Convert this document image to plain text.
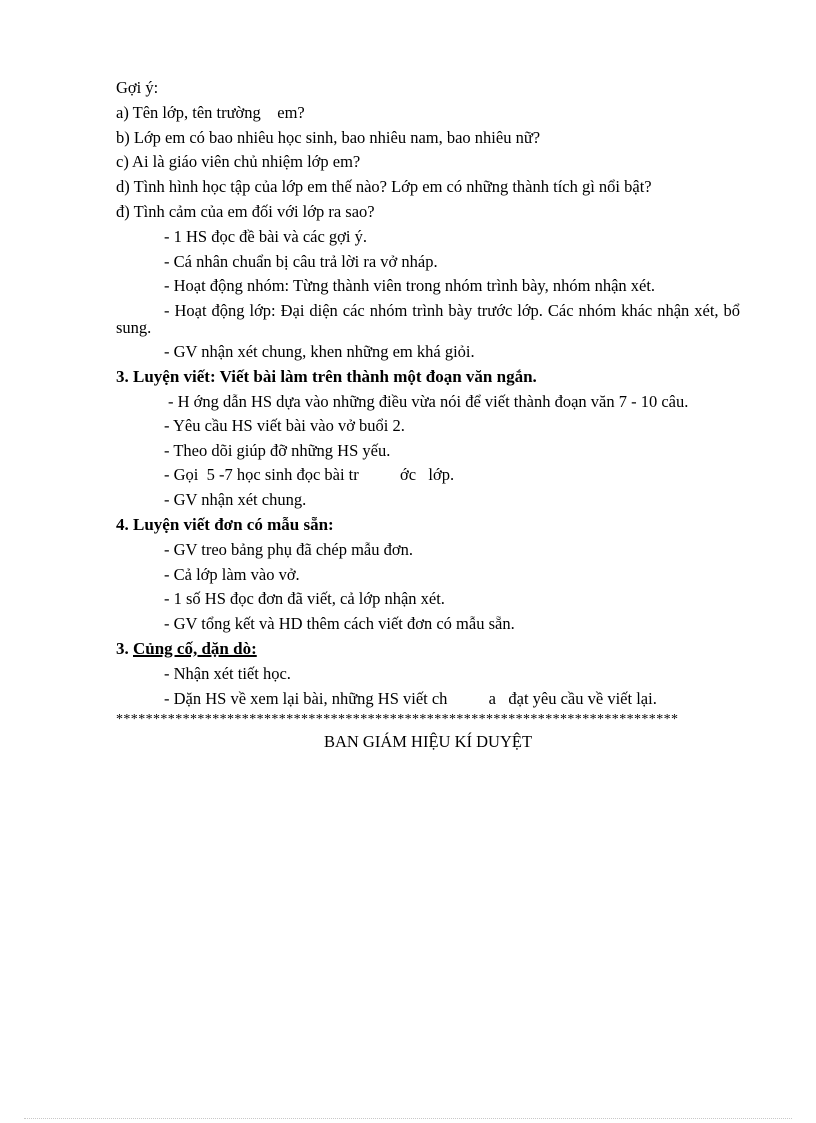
Gợi ý:
a) Tên lớp, tên trường    em?
b) Lớp em có bao nhiêu học sinh, bao nhiêu nam, bao nhiêu nữ?
c) Ai là giáo viên chủ nhiệm lớp em?
d) Tình hình học tập của lớp em thế nào? Lớp em có những thành tích gì nổi bật?
đ) Tình cảm của em đối với lớp ra sao?
- 1 HS đọc đề bài và các gợi ý.
- Cá nhân chuẩn bị câu trả lời ra vở nháp.
- Hoạt động nhóm: Từng thành viên trong nhóm trình bày, nhóm nhận xét.
- Hoạt động lớp: Đại diện các nhóm trình bày trước lớp. Các nhóm khác nhận xét, bổ sung.
- GV nhận xét chung, khen những em khá giỏi.
3. Luyện viết: Viết bài làm trên thành một đoạn văn ngắn.
- H ớng dẫn HS dựa vào những điều vừa nói để viết thành đoạn văn 7 - 10 câu.
- Yêu cầu HS viết bài vào vở buổi 2.
- Theo dõi giúp đỡ những HS yếu.
- Gọi  5 -7 học sinh đọc bài tr          ớc   lớp.
- GV nhận xét chung.
4. Luyện viết đơn có mẫu sẵn:
- GV treo bảng phụ đã chép mẫu đơn.
- Cả lớp làm vào vở.
- 1 số HS đọc đơn đã viết, cả lớp nhận xét.
- GV tổng kết và HD thêm cách viết đơn có mẫu sẵn.
3. Củng cố, dặn dò:
- Nhận xét tiết học.
- Dặn HS về xem lại bài, những HS viết ch          a   đạt yêu cầu về viết lại.
****************************************************************************
BAN GIÁM HIỆU KÍ DUYỆT
